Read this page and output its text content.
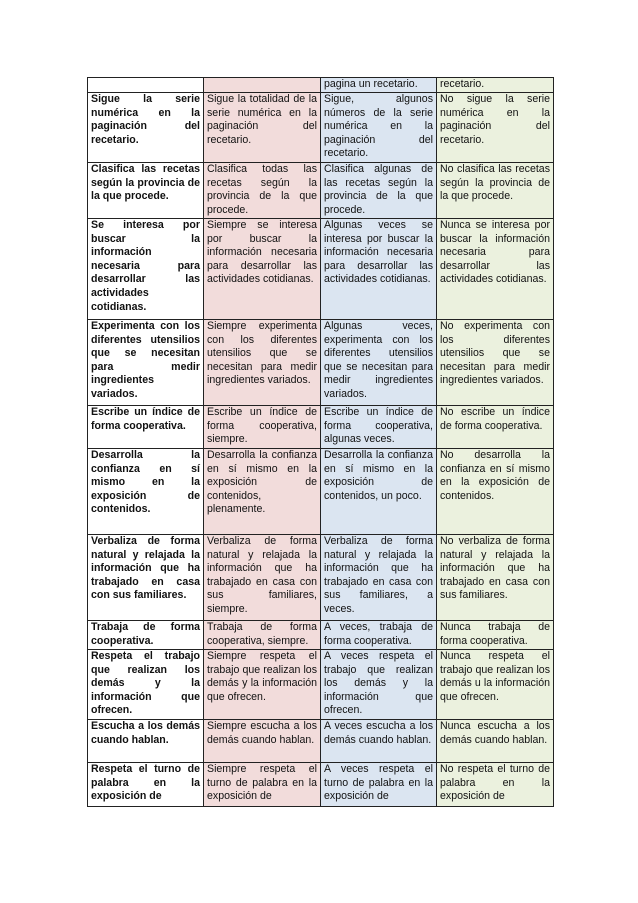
		pagina un recetario.	recetario.

Sigue la serie numérica en la paginación del recetario.	Sigue la totalidad de la serie numérica en la paginación del recetario.	Sigue, algunos números de la serie numérica en la paginación del recetario.	No sigue la serie numérica en la paginación del recetario.

Clasifica las recetas según la provincia de la que procede.	Clasifica todas las recetas según la provincia de la que procede.	Clasifica algunas de las recetas según la provincia de la que procede.	No clasifica las recetas según la provincia de la que procede.

Se interesa por buscar la información necesaria para desarrollar las actividades cotidianas.	Siempre se interesa por buscar la información necesaria para desarrollar las actividades cotidianas.	Algunas veces se interesa por buscar la información necesaria para desarrollar las actividades cotidianas.	Nunca se interesa por buscar la información necesaria para desarrollar las actividades cotidianas.

Experimenta con los diferentes utensilios que se necesitan para medir ingredientes variados.	Siempre experimenta con los diferentes utensilios que se necesitan para medir ingredientes variados.	Algunas veces, experimenta con los diferentes utensilios que se necesitan para medir ingredientes variados.	No experimenta con los diferentes utensilios que se necesitan para medir ingredientes variados.

Escribe un índice de forma cooperativa.	Escribe un índice de forma cooperativa, siempre.	Escribe un índice de forma cooperativa, algunas veces.	No escribe un índice de forma cooperativa.

Desarrolla la confianza en sí mismo en la exposición de contenidos.	Desarrolla la confianza en sí mismo en la exposición de contenidos, plenamente.	Desarrolla la confianza en sí mismo en la exposición de contenidos, un poco.	No desarrolla la confianza en sí mismo en la exposición de contenidos.

Verbaliza de forma natural y relajada la información que ha trabajado en casa con sus familiares.	Verbaliza de forma natural y relajada la información que ha trabajado en casa con sus familiares, siempre.	Verbaliza de forma natural y relajada la información que ha trabajado en casa con sus familiares, a veces.	No verbaliza de forma natural y relajada la información que ha trabajado en casa con sus familiares.

Trabaja de forma cooperativa.	Trabaja de forma cooperativa, siempre.	A veces, trabaja de forma cooperativa.	Nunca trabaja de forma cooperativa.

Respeta el trabajo que realizan los demás y la información que ofrecen.	Siempre respeta el trabajo que realizan los demás y la información que ofrecen.	A veces respeta el trabajo que realizan los demás y la información que ofrecen.	Nunca respeta el trabajo que realizan los demás u la información que ofrecen.

Escucha a los demás cuando hablan.	Siempre escucha a los demás cuando hablan.	A veces escucha a los demás cuando hablan.	Nunca escucha a los demás cuando hablan.

Respeta el turno de palabra en la exposición de	Siempre respeta el turno de palabra en la exposición de	A veces respeta el turno de palabra en la exposición de	No respeta el turno de palabra en la exposición de
